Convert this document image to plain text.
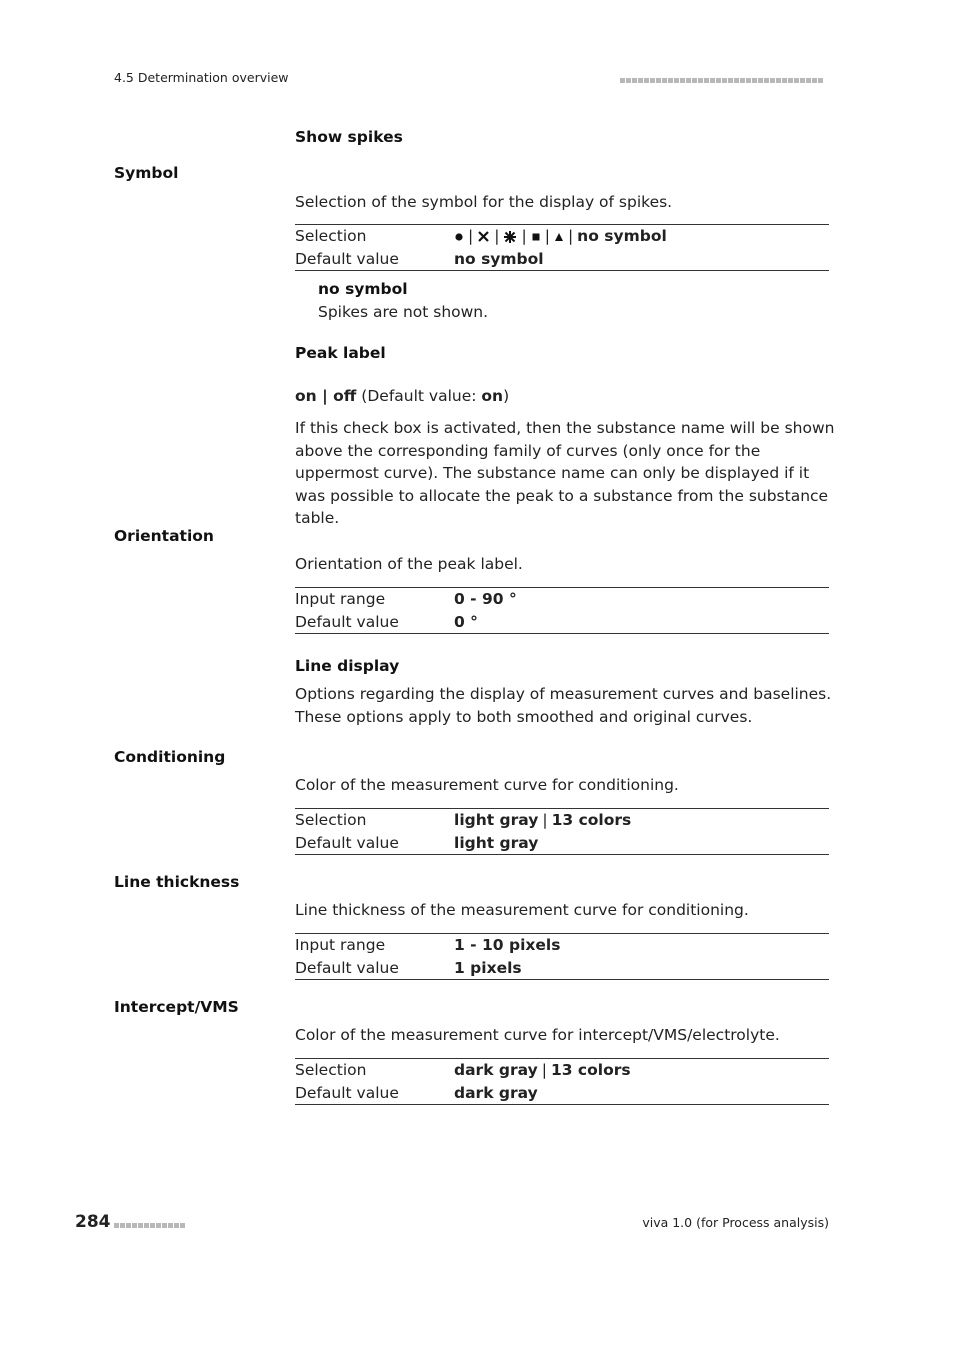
4.5 Determination overview
Show spikes
Symbol
Selection of the symbol for the display of spikes.
Selection	| | | | | no symbol
Default value	no symbol
no symbol
Spikes are not shown.
Peak label
on | off (Default value: on)
If this check box is activated, then the substance name will be shown above the corresponding family of curves (only once for the uppermost curve). The substance name can only be displayed if it was possible to allocate the peak to a substance from the substance table.
Orientation
Orientation of the peak label.
Input range	0 - 90 °
Default value	0 °
Line display
Options regarding the display of measurement curves and baselines. These options apply to both smoothed and original curves.
Conditioning
Color of the measurement curve for conditioning.
Selection	light gray | 13 colors
Default value	light gray
Line thickness
Line thickness of the measurement curve for conditioning.
Input range	1 - 10 pixels
Default value	1 pixels
Intercept/VMS
Color of the measurement curve for intercept/VMS/electrolyte.
Selection	dark gray | 13 colors
Default value	dark gray
284	viva 1.0 (for Process analysis)
